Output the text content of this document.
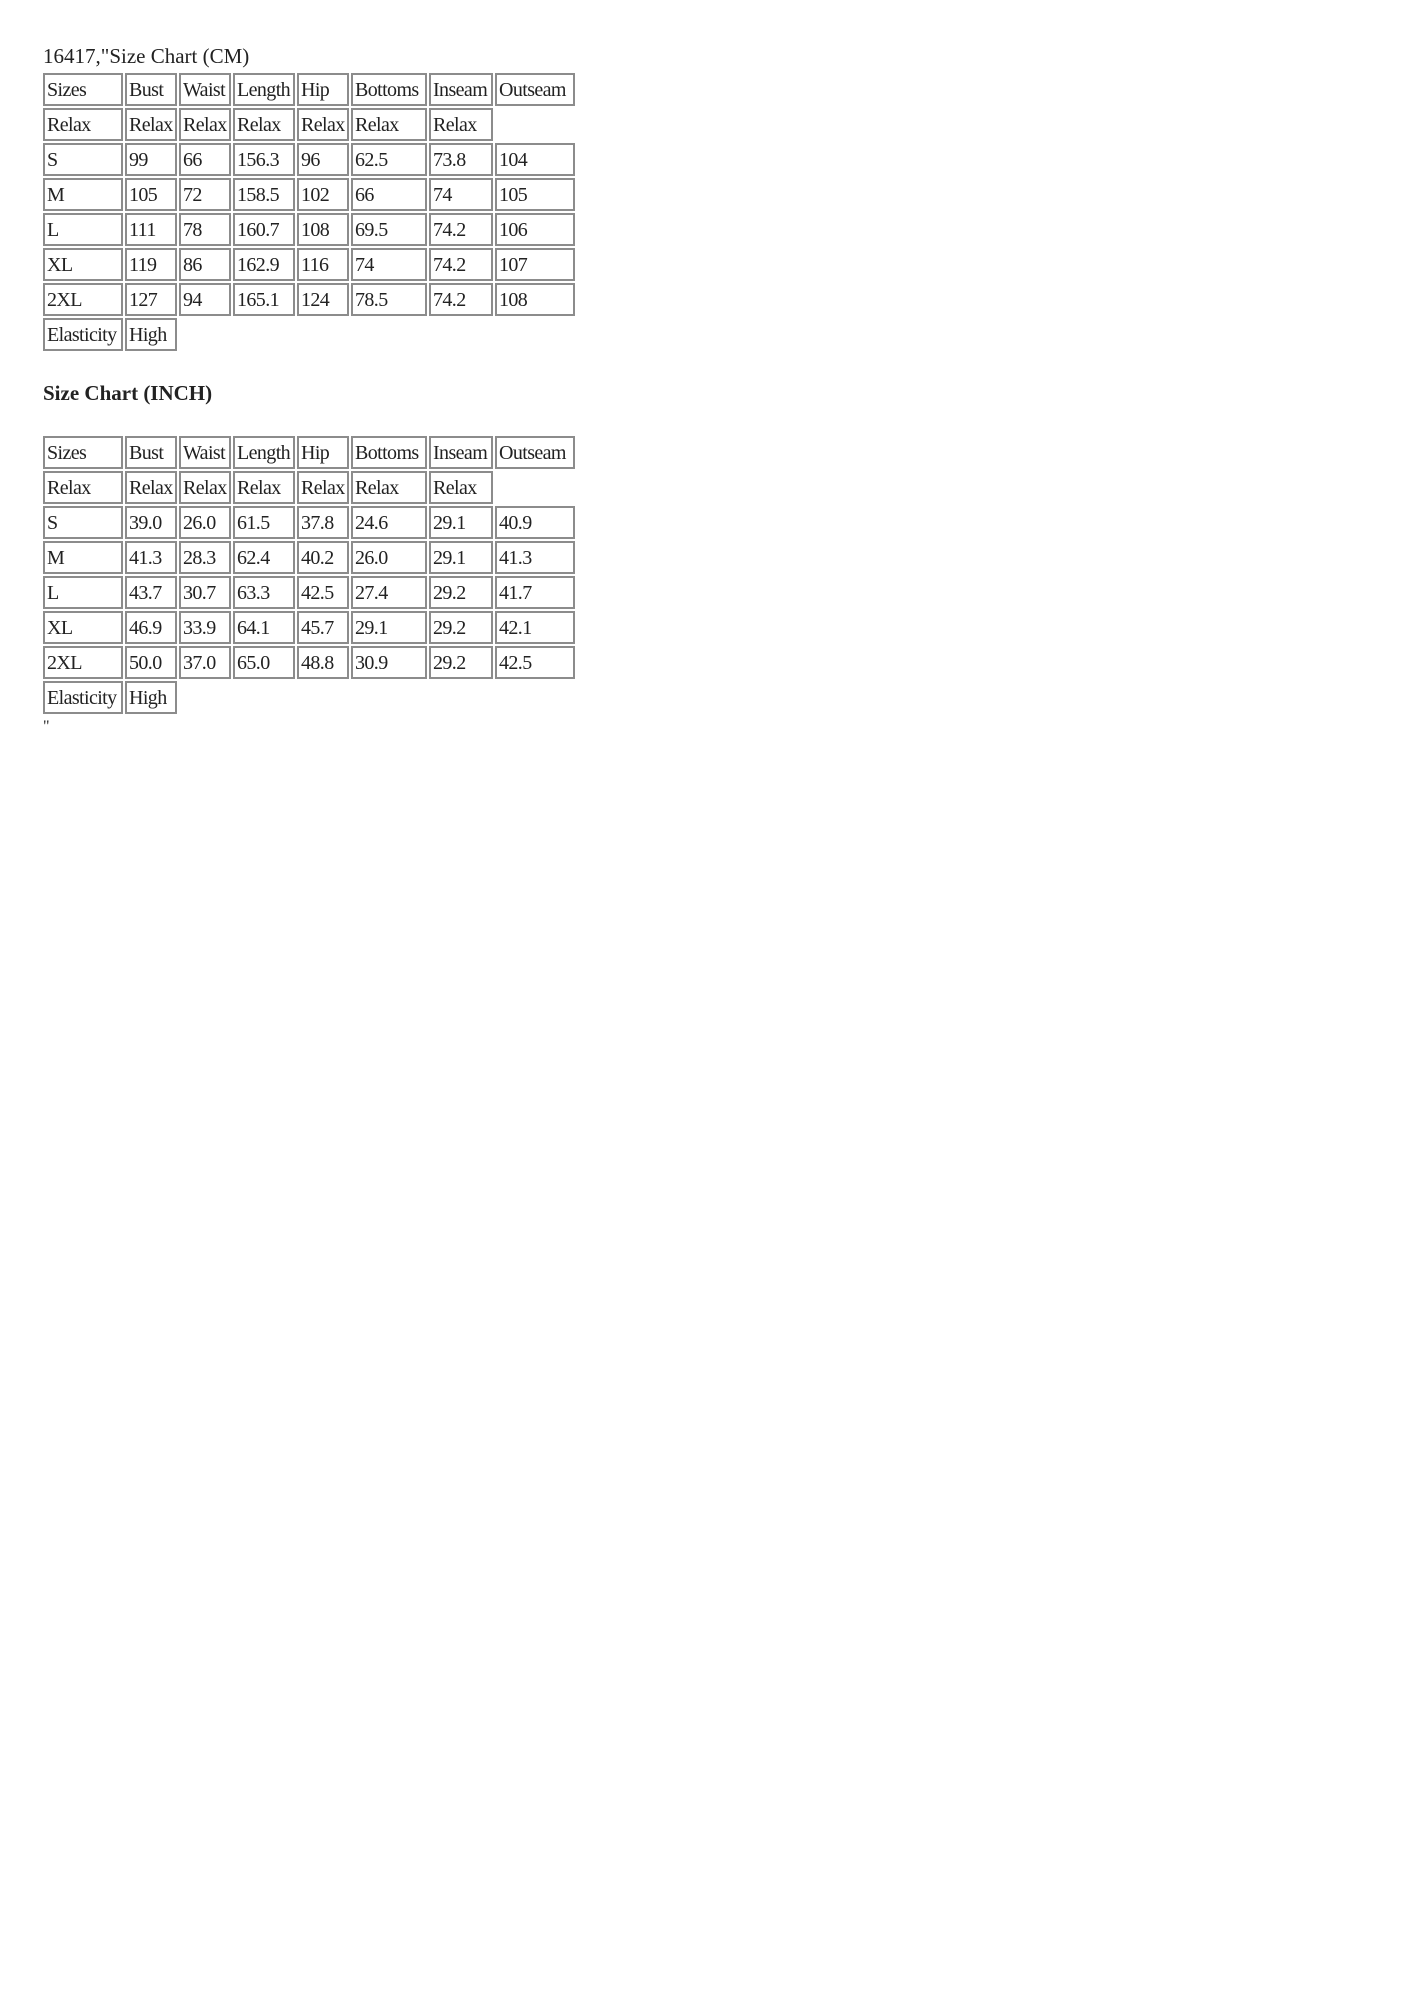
16417,"Size Chart (CM)
Sizes	Bust	Waist	Length	Hip	Bottoms	Inseam	Outseam
Relax	Relax	Relax	Relax	Relax	Relax	Relax	
S	99	66	156.3	96	62.5	73.8	104
M	105	72	158.5	102	66	74	105
L	111	78	160.7	108	69.5	74.2	106
XL	119	86	162.9	116	74	74.2	107
2XL	127	94	165.1	124	78.5	74.2	108
Elasticity	High						
Size Chart (INCH)
Sizes	Bust	Waist	Length	Hip	Bottoms	Inseam	Outseam
Relax	Relax	Relax	Relax	Relax	Relax	Relax	
S	39.0	26.0	61.5	37.8	24.6	29.1	40.9
M	41.3	28.3	62.4	40.2	26.0	29.1	41.3
L	43.7	30.7	63.3	42.5	27.4	29.2	41.7
XL	46.9	33.9	64.1	45.7	29.1	29.2	42.1
2XL	50.0	37.0	65.0	48.8	30.9	29.2	42.5
Elasticity	High						
"
